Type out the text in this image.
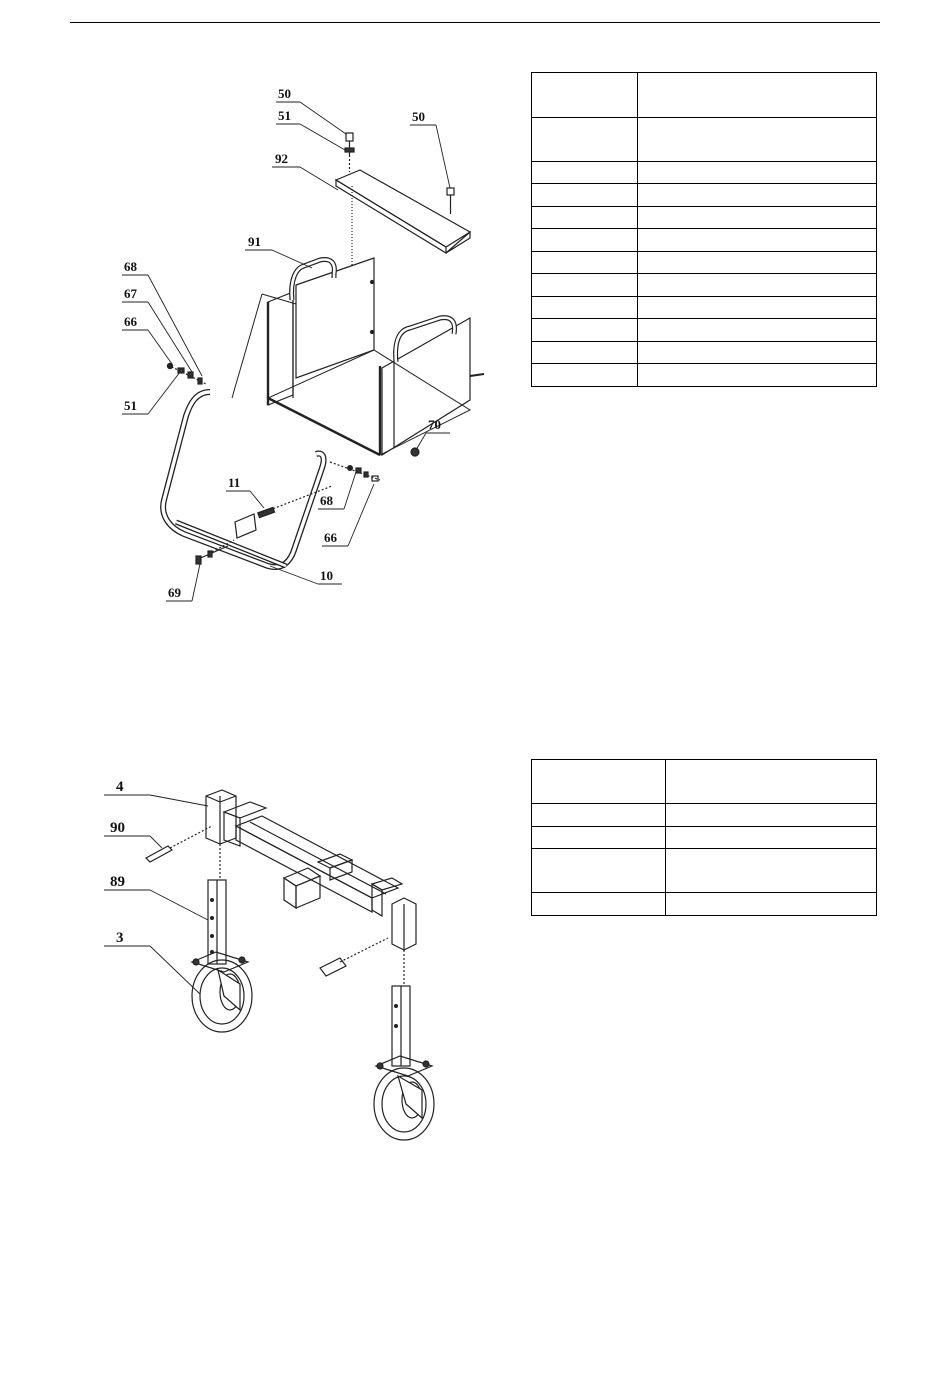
50
51
92
50
91
68
67
66
51
70
11
68
66
10
69
4
90
89
3
